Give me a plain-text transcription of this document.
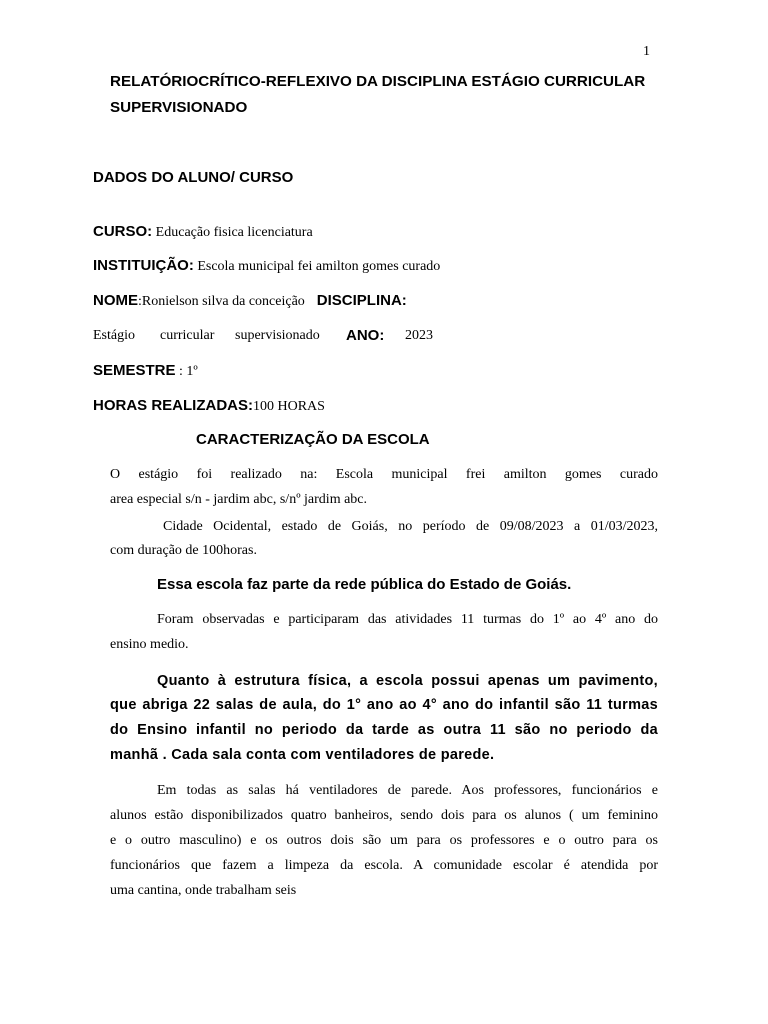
1
RELATÓRIOCRÍTICO-REFLEXIVO DA DISCIPLINA ESTÁGIO CURRICULAR
SUPERVISIONADO
DADOS DO ALUNO/ CURSO
CURSO: Educação fisica licenciatura
INSTITUIÇÃO: Escola municipal fei amilton gomes curado
NOME:Ronielson silva da conceição DISCIPLINA:
Estágio curricular supervisionado ANO: 2023
SEMESTRE : 1º
HORAS REALIZADAS:100 HORAS
CARACTERIZAÇÃO DA ESCOLA
O estágio foi realizado na: Escola municipal frei amilton gomes curado
area especial s/n - jardim abc, s/nº jardim abc.
Cidade Ocidental, estado de Goiás, no período de 09/08/2023 a 01/03/2023,
com duração de 100horas.
Essa escola faz parte da rede pública do Estado de Goiás.
Foram observadas e participaram das atividades 11 turmas do 1º ao 4º ano do
ensino medio.
Quanto à estrutura física, a escola possui apenas um pavimento,
que abriga 22 salas de aula, do 1° ano ao 4° ano do infantil são 11 turmas
do Ensino infantil no periodo da tarde as outra 11 são no periodo da
manhã . Cada sala conta com ventiladores de parede.
Em todas as salas há ventiladores de parede. Aos professores, funcionários e
alunos estão disponibilizados quatro banheiros, sendo dois para os alunos ( um feminino
e o outro masculino) e os outros dois são um para os professores e o outro para os
funcionários que fazem a limpeza da escola. A comunidade escolar é atendida por
uma cantina, onde trabalham seis
